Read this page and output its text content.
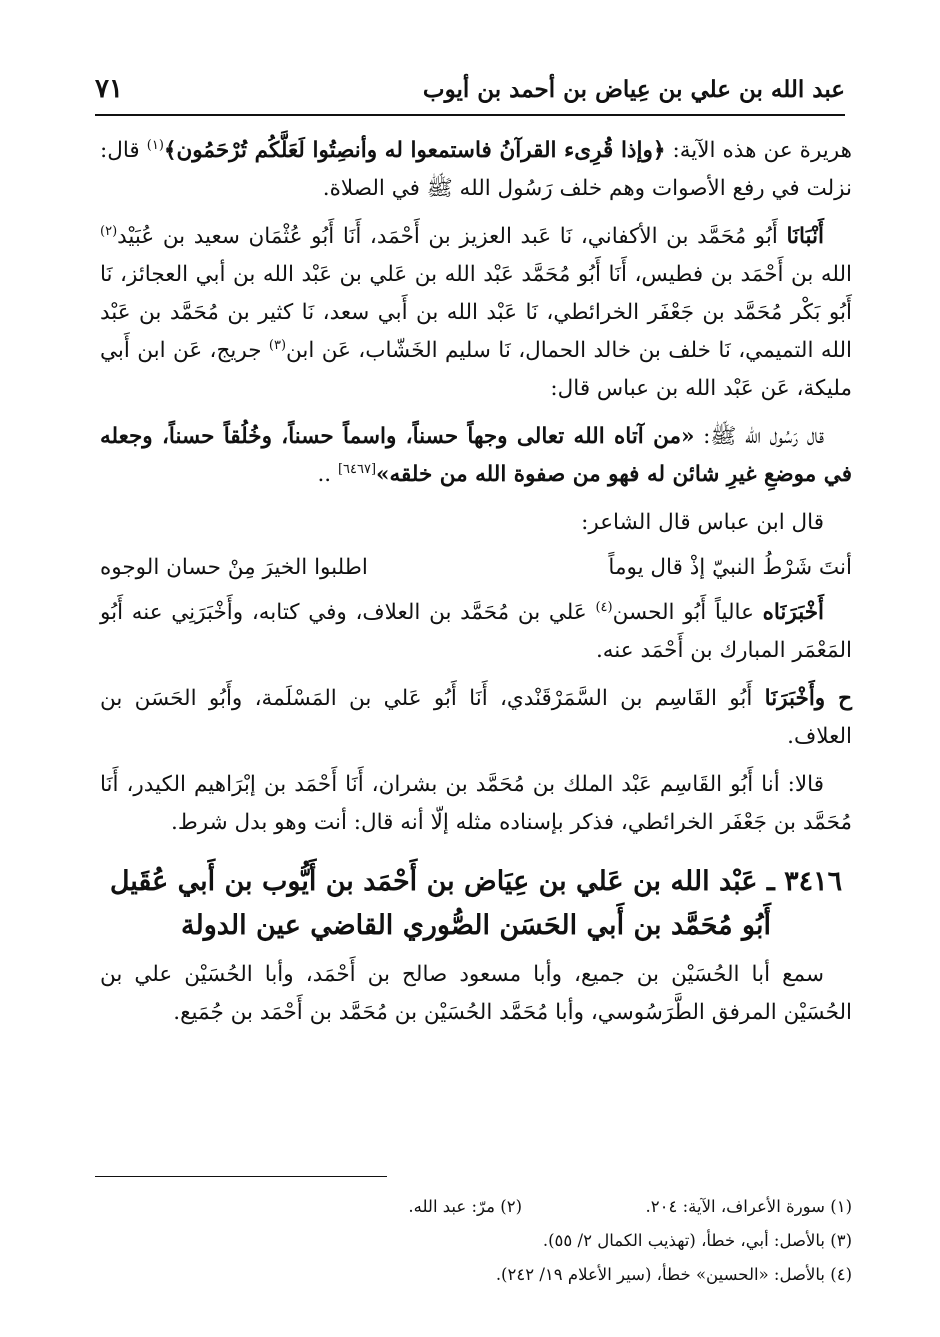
عبد الله بن علي بن عِياض بن أحمد بن أيوب
٧١

هريرة عن هذه الآية: ﴿وإذا قُرِىء القرآنُ فاستمعوا له وأنصِتُوا لَعَلَّكُم تُرْحَمُون﴾$^{(١)}$ قال: نزلت في رفع الأصوات وهم خلف رَسُول الله ﷺ في الصلاة.

أَنْبَانَا أَبُو مُحَمَّد بن الأكفاني، نَا عَبد العزيز بن أَحْمَد، أَنَا أَبُو عُثْمَان سعيد بن عُبَيْد$^{(٢)}$ الله بن أَحْمَد بن فطيس، أَنَا أَبُو مُحَمَّد عَبْد الله بن عَلي بن عَبْد الله بن أبي العجائز، نَا أَبُو بَكْر مُحَمَّد بن جَعْفَر الخرائطي، نَا عَبْد الله بن أَبي سعد، نَا كثير بن مُحَمَّد بن عَبْد الله التميمي، نَا خلف بن خالد الحمال، نَا سليم الخَشّاب، عَن ابن$^{(٣)}$ جريج، عَن ابن أَبي مليكة، عَن عَبْد الله بن عباس قال:

قال رَسُول الله ﷺ: «من آتاه الله تعالى وجهاً حسناً، واسماً حسناً، وخُلُقاً حسناً، وجعله في موضعِ غيرِ شائن له فهو من صفوة الله من خلقه»[٦٤٦٧] ..

قال ابن عباس قال الشاعر:

أنتَ شَرْطُ النبيّ إذْ قال يوماً
اطلبوا الخيرَ مِنْ حسان الوجوه

أَخْبَرَنَاه عالياً أَبُو الحسن$^{(٤)}$ عَلي بن مُحَمَّد بن العلاف، وفي كتابه، وأَخْبَرَنِي عنه أَبُو المَعْمَر المبارك بن أَحْمَد عنه.

ح وأَخْبَرَنَا أَبُو القَاسِم بن السَّمَرْقَنْدي، أَنَا أَبُو عَلي بن المَسْلَمة، وأَبُو الحَسَن بن العلاف.

قالا: أنا أَبُو القَاسِم عَبْد الملك بن مُحَمَّد بن بشران، أَنَا أَحْمَد بن إبْرَاهيم الكيدر، أَنَا مُحَمَّد بن جَعْفَر الخرائطي، فذكر بإسناده مثله إلّا أنه قال: أنت وهو بدل شرط.

٣٤١٦ ـ عَبْد الله بن عَلي بن عِيَاض بن أَحْمَد بن أَيُّوب بن أَبي عُقَيل
أَبُو مُحَمَّد بن أَبي الحَسَن الصُّوري القاضي عين الدولة

سمع أبا الحُسَيْن بن جميع، وأبا مسعود صالح بن أَحْمَد، وأبا الحُسَيْن علي بن الحُسَيْن المرفق الطَّرَسُوسي، وأبا مُحَمَّد الحُسَيْن بن مُحَمَّد بن أَحْمَد بن جُمَيع.

(١) سورة الأعراف، الآية: ٢٠٤.
(٢) مرّ: عبد الله.
(٣) بالأصل: أبي، خطأ، (تهذيب الكمال ٢/ ٥٥).
(٤) بالأصل: «الحسين» خطأ، (سير الأعلام ١٩/ ٢٤٢).
